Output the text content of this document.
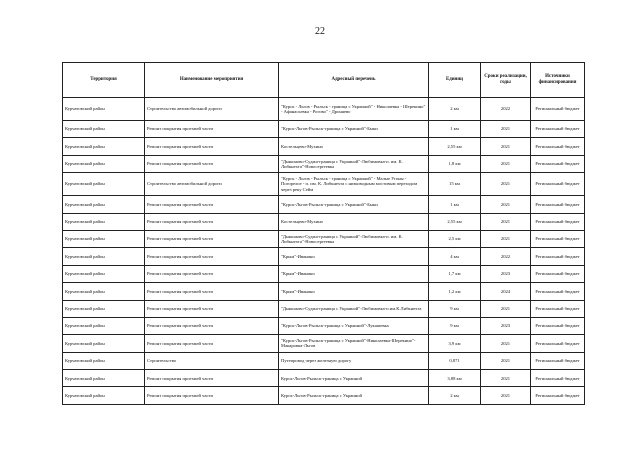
22
Территория	Наименование мероприятия	Адресный перечень	Единиц	Сроки реализации, годы	Источники финансирования
Курчатовский район	Строительство автомобильной дороги	"Курск - Льгов - Рыльск - граница с Украиной" - Николаевка - Шерекино" - Афанасьевка - Рогово" - Дроняево	2 км	2022	Региональный бюджет
Курчатовский район	Ремонт покрытия проезжей части	"Курск-Льгов-Рыльск-граница с Украиной"-Быки	1 км	2021	Региональный бюджет
Курчатовский район	Ремонт покрытия проезжей части	Костельцево-Мухино	2,55 км	2021	Региональный бюджет
Курчатовский район	Ремонт покрытия проезжей части	"Дьяконово-Суджа-граница с Украиной"-Любимовка-п. им. К. Либкнехта"-Новосергеевка	1,8 км	2021	Региональный бюджет
Курчатовский район	Строительство автомобильной дороги	"Курск - Льгов - Рыльск - граница с Украиной" - Малые Угоны - Погорелое - п. им. К. Либкнехта с низководным мостовым переходом через реку Сейм	15 км	2021	Региональный бюджет
Курчатовский район	Ремонт покрытия проезжей части	"Курск-Льгов-Рыльск-граница с Украиной"-Быки	1 км	2021	Региональный бюджет
Курчатовский район	Ремонт покрытия проезжей части	Костельцево-Мухино	2,55 км	2021	Региональный бюджет
Курчатовский район	Ремонт покрытия проезжей части	"Дьяконово-Суджа-граница с Украиной"-Любимовка-п. им. К. Либкнехта"-Новосергеевка	2,5 км	2021	Региональный бюджет
Курчатовский район	Ремонт покрытия проезжей части	"Крым"-Иванино	4 км	2022	Региональный бюджет
Курчатовский район	Ремонт покрытия проезжей части	"Крым"-Иванино	1,7 км	2023	Региональный бюджет
Курчатовский район	Ремонт покрытия проезжей части	"Крым"-Иванино	1,2 км	2024	Региональный бюджет
Курчатовский район	Ремонт покрытия проезжей части	"Дьяконово-Суджа-граница с Украиной"-Любимовка-п.им.К.Либкнехта	9 км	2021	Региональный бюджет
Курчатовский район	Ремонт покрытия проезжей части	"Курск-Льгов-Рыльск-граница с Украиной"-Лукашевка	9 км	2023	Региональный бюджет
Курчатовский район	Ремонт покрытия проезжей части	"Курск-Льгов-Рыльск-граница с Украиной"-Николаевка-Шерекино"-Макаровка-Льгов	3,9 км	2021	Региональный бюджет
Курчатовский район	Строительство	Путепровод через железную дорогу	0,871	2021	Региональный бюджет
Курчатовский район	Ремонт покрытия проезжей части	Курск-Льгов-Рыльск-граница с Украиной	3,88 км	2021	Региональный бюджет
Курчатовский район	Ремонт покрытия проезжей части	Курск-Льгов-Рыльск-граница с Украиной	2 км	2021	Региональный бюджет
